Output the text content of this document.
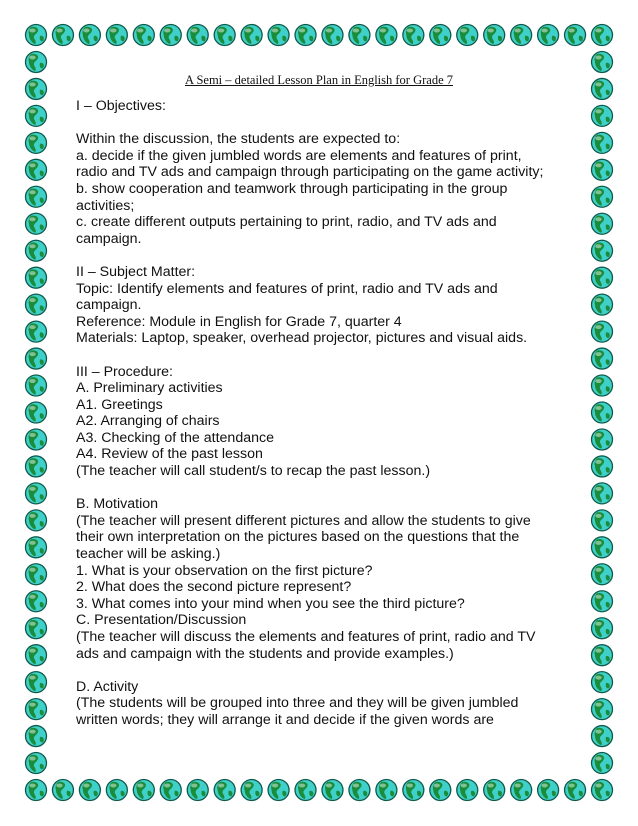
A Semi – detailed Lesson Plan in English for Grade 7
I – Objectives:
Within the discussion, the students are expected to:
a. decide if the given jumbled words are elements and features of print,
radio and TV ads and campaign through participating on the game activity;
b. show cooperation and teamwork through participating in the group
activities;
c. create different outputs pertaining to print, radio, and TV ads and
campaign.
II – Subject Matter:
Topic: Identify elements and features of print, radio and TV ads and
campaign.
Reference: Module in English for Grade 7, quarter 4
Materials: Laptop, speaker, overhead projector, pictures and visual aids.
III – Procedure:
A. Preliminary activities
A1. Greetings
A2. Arranging of chairs
A3. Checking of the attendance
A4. Review of the past lesson
(The teacher will call student/s to recap the past lesson.)
B. Motivation
(The teacher will present different pictures and allow the students to give
their own interpretation on the pictures based on the questions that the
teacher will be asking.)
1. What is your observation on the first picture?
2. What does the second picture represent?
3. What comes into your mind when you see the third picture?
C. Presentation/Discussion
(The teacher will discuss the elements and features of print, radio and TV
ads and campaign with the students and provide examples.)
D. Activity
(The students will be grouped into three and they will be given jumbled
written words; they will arrange it and decide if the given words are
